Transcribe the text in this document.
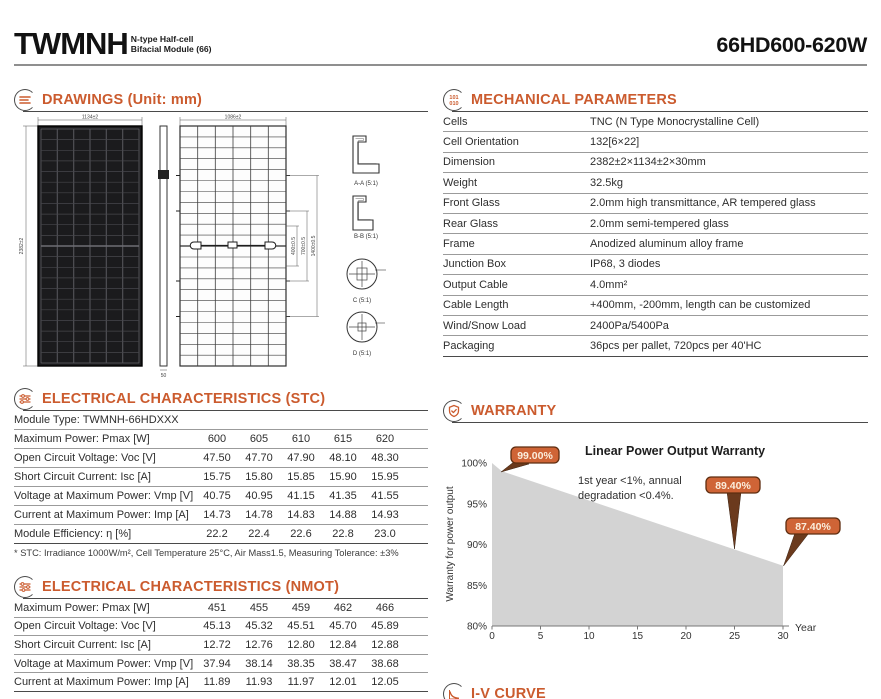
TWMNH N-type Half-cell
Bifacial Module (66)	66HD600-620W
DRAWINGS (Unit: mm)
1134±2
2382±2
50
1086±2
400±0.5 700±0.5 1400±0.5
A-A (5:1)
B-B (5:1)
C (5:1)
D (5:1)
ELECTRICAL CHARACTERISTICS (STC)
Module Type: TWMNH-66HDXXX
Maximum Power: Pmax [W]	600	605	610	615	620
Open Circuit Voltage: Voc [V]	47.50	47.70	47.90	48.10	48.30
Short Circuit Current: Isc [A]	15.75	15.80	15.85	15.90	15.95
Voltage at Maximum Power: Vmp [V] 40.75	40.95	41.15	41.35	41.55
Current at Maximum Power: Imp [A]	14.73	14.78	14.83	14.88	14.93
Module Efficiency: η [%]	22.2	22.4	22.6	22.8	23.0
* STC: Irradiance 1000W/m², Cell Temperature 25°C, Air Mass1.5, Measuring Tolerance: ±3%
ELECTRICAL CHARACTERISTICS (NMOT)
Maximum Power: Pmax [W]	451	455	459	462	466
Open Circuit Voltage: Voc [V]	45.13	45.32	45.51	45.70	45.89
Short Circuit Current: Isc [A]	12.72	12.76	12.80	12.84	12.88
Voltage at Maximum Power: Vmp [V] 37.94	38.14	38.35	38.47	38.68
Current at Maximum Power: Imp [A]	11.89	11.93	11.97	12.01	12.05
101
010 MECHANICAL PARAMETERS
Cells	TNC (N Type Monocrystalline Cell)
Cell Orientation	132[6×22]
Dimension	2382±2×1134±2×30mm
Weight	32.5kg
Front Glass	2.0mm high transmittance, AR tempered glass
Rear Glass	2.0mm semi-tempered glass
Frame	Anodized aluminum alloy frame
Junction Box	IP68, 3 diodes
Output Cable	4.0mm²
Cable Length	+400mm, -200mm, length can be customized
Wind/Snow Load	2400Pa/5400Pa
Packaging	36pcs per pallet, 720pcs per 40'HC
WARRANTY
100%
95%
90%
85%
80%
0	5	10	15	20	25	30
Warranty for power output
Year
Linear Power Output Warranty
1st year <1%, annual
degradation <0.4%.
99.00%
89.40%
87.40%
I-V CURVE
